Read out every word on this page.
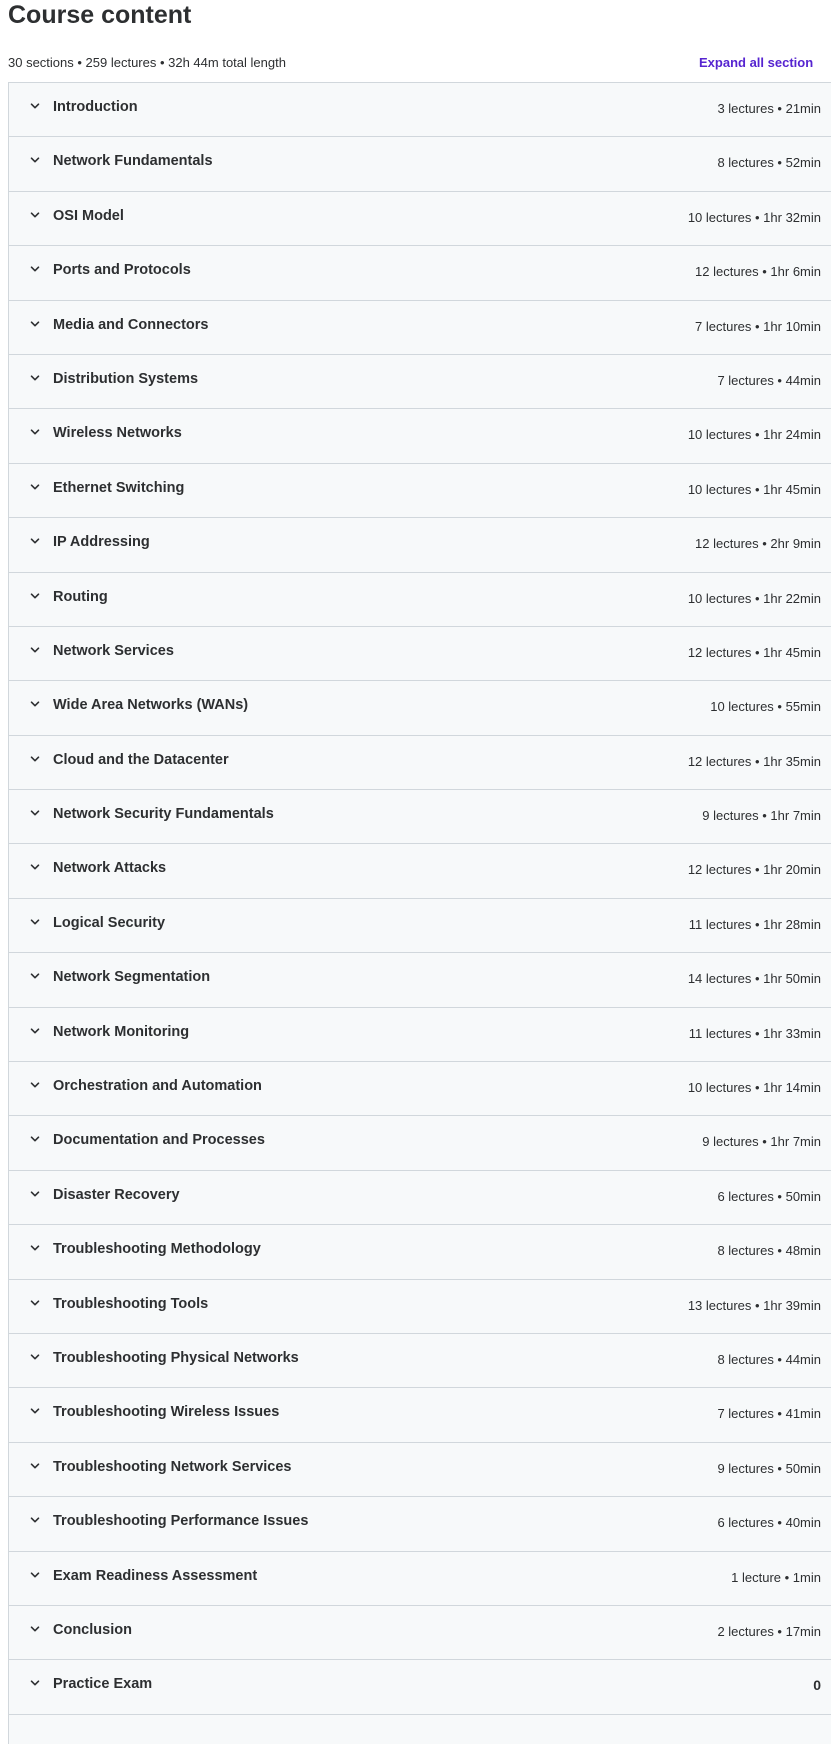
Course content
30 sections • 259 lectures • 32h 44m total length	Expand all section
Introduction	3 lectures • 21min
Network Fundamentals	8 lectures • 52min
OSI Model	10 lectures • 1hr 32min
Ports and Protocols	12 lectures • 1hr 6min
Media and Connectors	7 lectures • 1hr 10min
Distribution Systems	7 lectures • 44min
Wireless Networks	10 lectures • 1hr 24min
Ethernet Switching	10 lectures • 1hr 45min
IP Addressing	12 lectures • 2hr 9min
Routing	10 lectures • 1hr 22min
Network Services	12 lectures • 1hr 45min
Wide Area Networks (WANs)	10 lectures • 55min
Cloud and the Datacenter	12 lectures • 1hr 35min
Network Security Fundamentals	9 lectures • 1hr 7min
Network Attacks	12 lectures • 1hr 20min
Logical Security	11 lectures • 1hr 28min
Network Segmentation	14 lectures • 1hr 50min
Network Monitoring	11 lectures • 1hr 33min
Orchestration and Automation	10 lectures • 1hr 14min
Documentation and Processes	9 lectures • 1hr 7min
Disaster Recovery	6 lectures • 50min
Troubleshooting Methodology	8 lectures • 48min
Troubleshooting Tools	13 lectures • 1hr 39min
Troubleshooting Physical Networks	8 lectures • 44min
Troubleshooting Wireless Issues	7 lectures • 41min
Troubleshooting Network Services	9 lectures • 50min
Troubleshooting Performance Issues	6 lectures • 40min
Exam Readiness Assessment	1 lecture • 1min
Conclusion	2 lectures • 17min
Practice Exam	0
